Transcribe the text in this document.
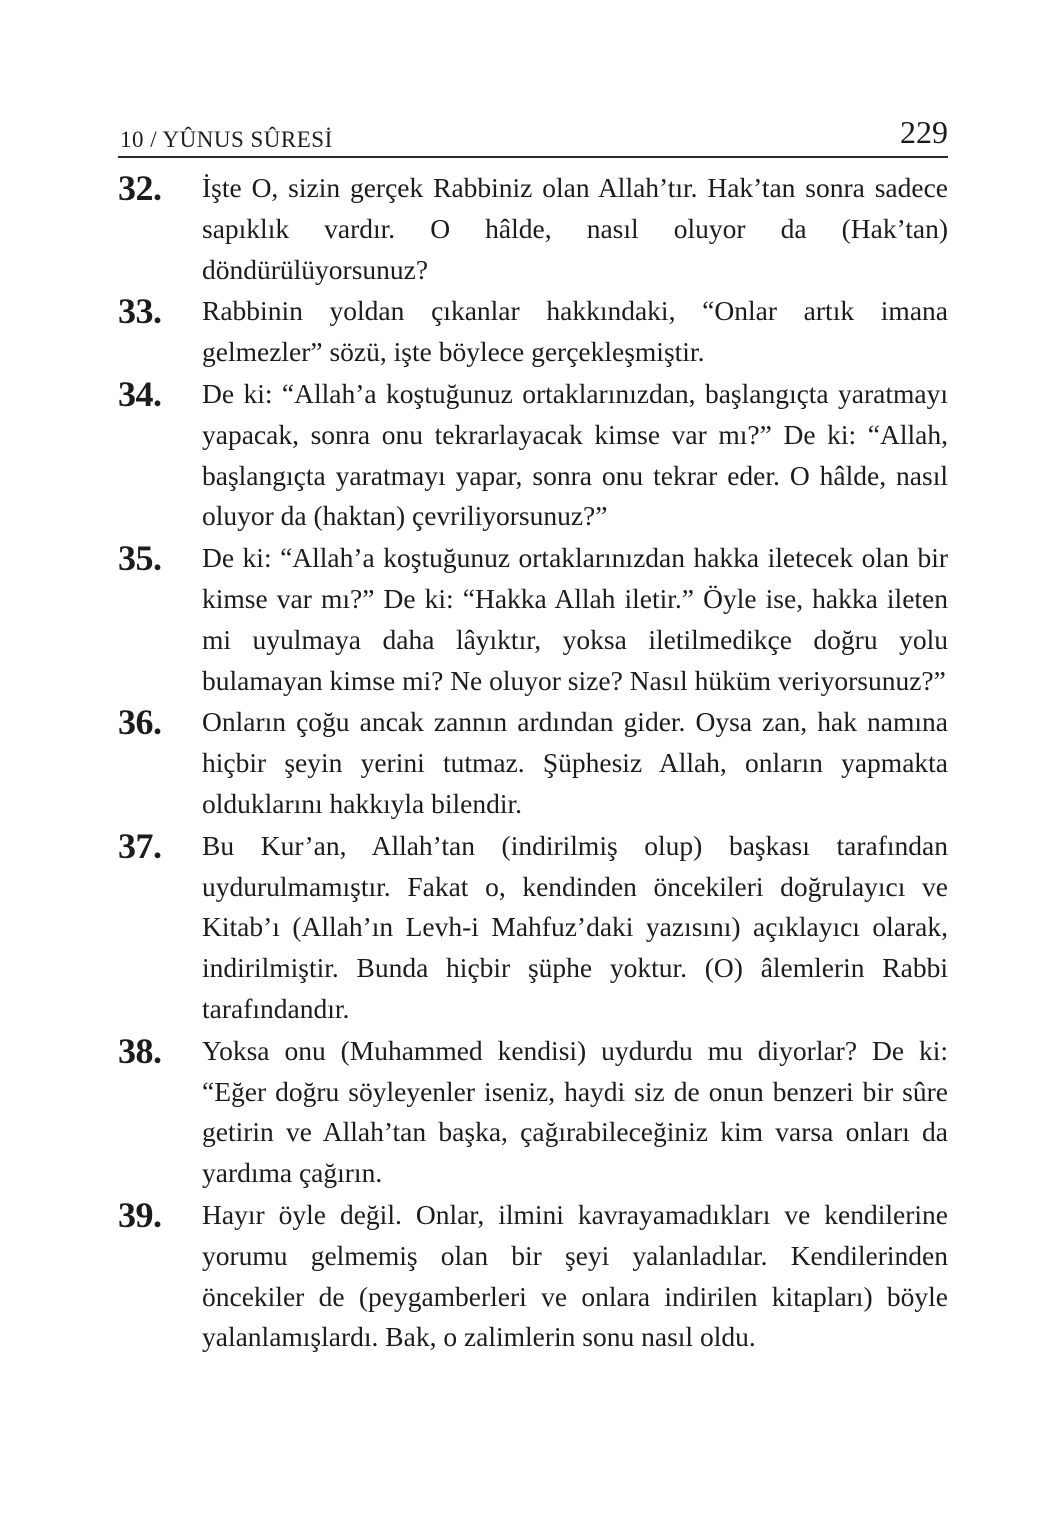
10 / YÛNUS SÛRESİ	229
32.	İşte O, sizin gerçek Rabbiniz olan Allah’tır. Hak’tan sonra sadece sapıklık vardır. O hâlde, nasıl oluyor da (Hak’tan) döndürülüyorsunuz?
33.	Rabbinin yoldan çıkanlar hakkındaki, “Onlar artık imana gelmezler” sözü, işte böylece gerçekleşmiştir.
34.	De ki: “Allah’a koştuğunuz ortaklarınızdan, başlangıçta yaratmayı yapacak, sonra onu tekrarlayacak kimse var mı?” De ki: “Allah, başlangıçta yaratmayı yapar, sonra onu tekrar eder. O hâlde, nasıl oluyor da (haktan) çevriliyorsunuz?”
35.	De ki: “Allah’a koştuğunuz ortaklarınızdan hakka iletecek olan bir kimse var mı?” De ki: “Hakka Allah iletir.” Öyle ise, hakka ileten mi uyulmaya daha lâyıktır, yoksa iletilmedikçe doğru yolu bulamayan kimse mi? Ne oluyor size? Nasıl hüküm veriyorsunuz?”
36.	Onların çoğu ancak zannın ardından gider. Oysa zan, hak namına hiçbir şeyin yerini tutmaz. Şüphesiz Allah, onların yapmakta olduklarını hakkıyla bilendir.
37.	Bu Kur’an, Allah’tan (indirilmiş olup) başkası tarafından uydurulmamıştır. Fakat o, kendinden öncekileri doğrulayıcı ve Kitab’ı (Allah’ın Levh-i Mahfuz’daki yazısını) açıklayıcı olarak, indirilmiştir. Bunda hiçbir şüphe yoktur. (O) âlemlerin Rabbi tarafındandır.
38.	Yoksa onu (Muhammed kendisi) uydurdu mu diyorlar? De ki: “Eğer doğru söyleyenler iseniz, haydi siz de onun benzeri bir sûre getirin ve Allah’tan başka, çağırabileceğiniz kim varsa onları da yardıma çağırın.
39.	Hayır öyle değil. Onlar, ilmini kavrayamadıkları ve kendilerine yorumu gelmemiş olan bir şeyi yalanladılar. Kendilerinden öncekiler de (peygamberleri ve onlara indirilen kitapları) böyle yalanlamışlardı. Bak, o zalimlerin sonu nasıl oldu.
